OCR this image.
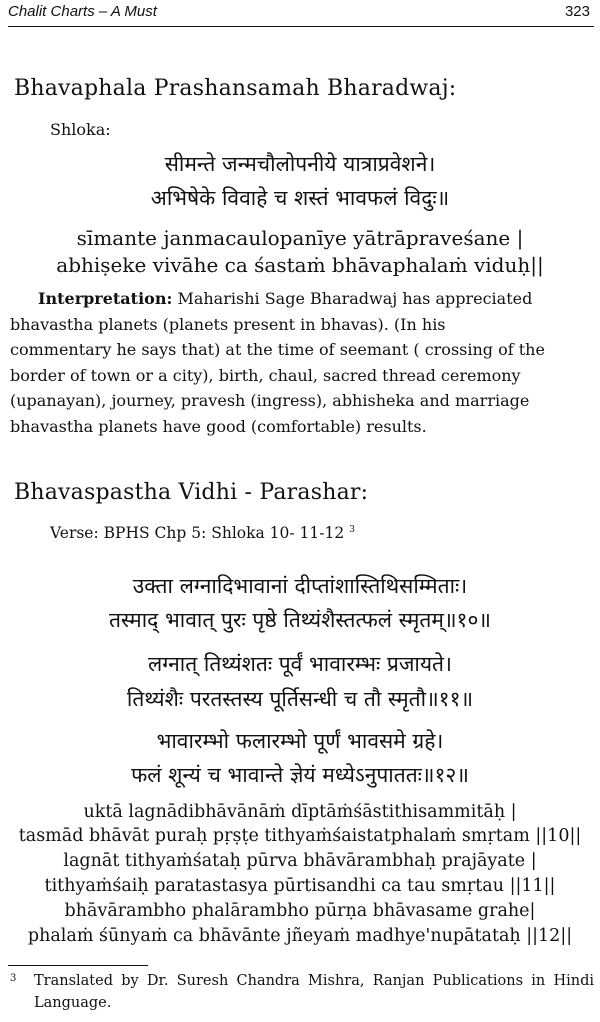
Chalit Charts – A Must	323
Bhavaphala Prashansamah Bharadwaj:
Shloka:
सीमन्ते जन्मचौलोपनीये यात्राप्रवेशने।
अभिषेके विवाहे च शस्तं भावफलं विदुः॥
sīmante janmacaulopanīye yātrāpraveśane |
abhiṣeke vivāhe ca śastaṁ bhāvaphalaṁ viduḥ||
Interpretation: Maharishi Sage Bharadwaj has appreciated
bhavastha planets (planets present in bhavas). (In his
commentary he says that) at the time of seemant ( crossing of the
border of town or a city), birth, chaul, sacred thread ceremony
(upanayan), journey, pravesh (ingress), abhisheka and marriage
bhavastha planets have good (comfortable) results.
Bhavaspastha Vidhi - Parashar:
Verse: BPHS Chp 5: Shloka 10- 11-12 $^3$
उक्ता लग्नादिभावानां दीप्तांशास्तिथिसम्मिताः।
तस्माद् भावात् पुरः पृष्ठे तिथ्यंशैस्तत्फलं स्मृतम्॥१०॥
लग्नात् तिथ्यंशतः पूर्वं भावारम्भः प्रजायते।
तिथ्यंशैः परतस्तस्य पूर्तिसन्धी च तौ स्मृतौ॥११॥
भावारम्भो फलारम्भो पूर्णं भावसमे ग्रहे।
फलं शून्यं च भावान्ते ज्ञेयं मध्येऽनुपाततः॥१२॥
uktā lagnādibhāvānāṁ dīptāṁśāstithisammitāḥ |
tasmād bhāvāt puraḥ pṛṣṭe tithyaṁśaistatphalaṁ smṛtam ||10||
lagnāt tithyaṁśataḥ pūrva bhāvārambhaḥ prajāyate |
tithyaṁśaiḥ paratastasya pūrtisandhi ca tau smṛtau ||11||
bhāvārambho phalārambho pūrṇa bhāvasame grahe|
phalaṁ śūnyaṁ ca bhāvānte jñeyaṁ madhye'nupātataḥ ||12||
3	Translated by Dr. Suresh Chandra Mishra, Ranjan Publications in Hindi Language.
